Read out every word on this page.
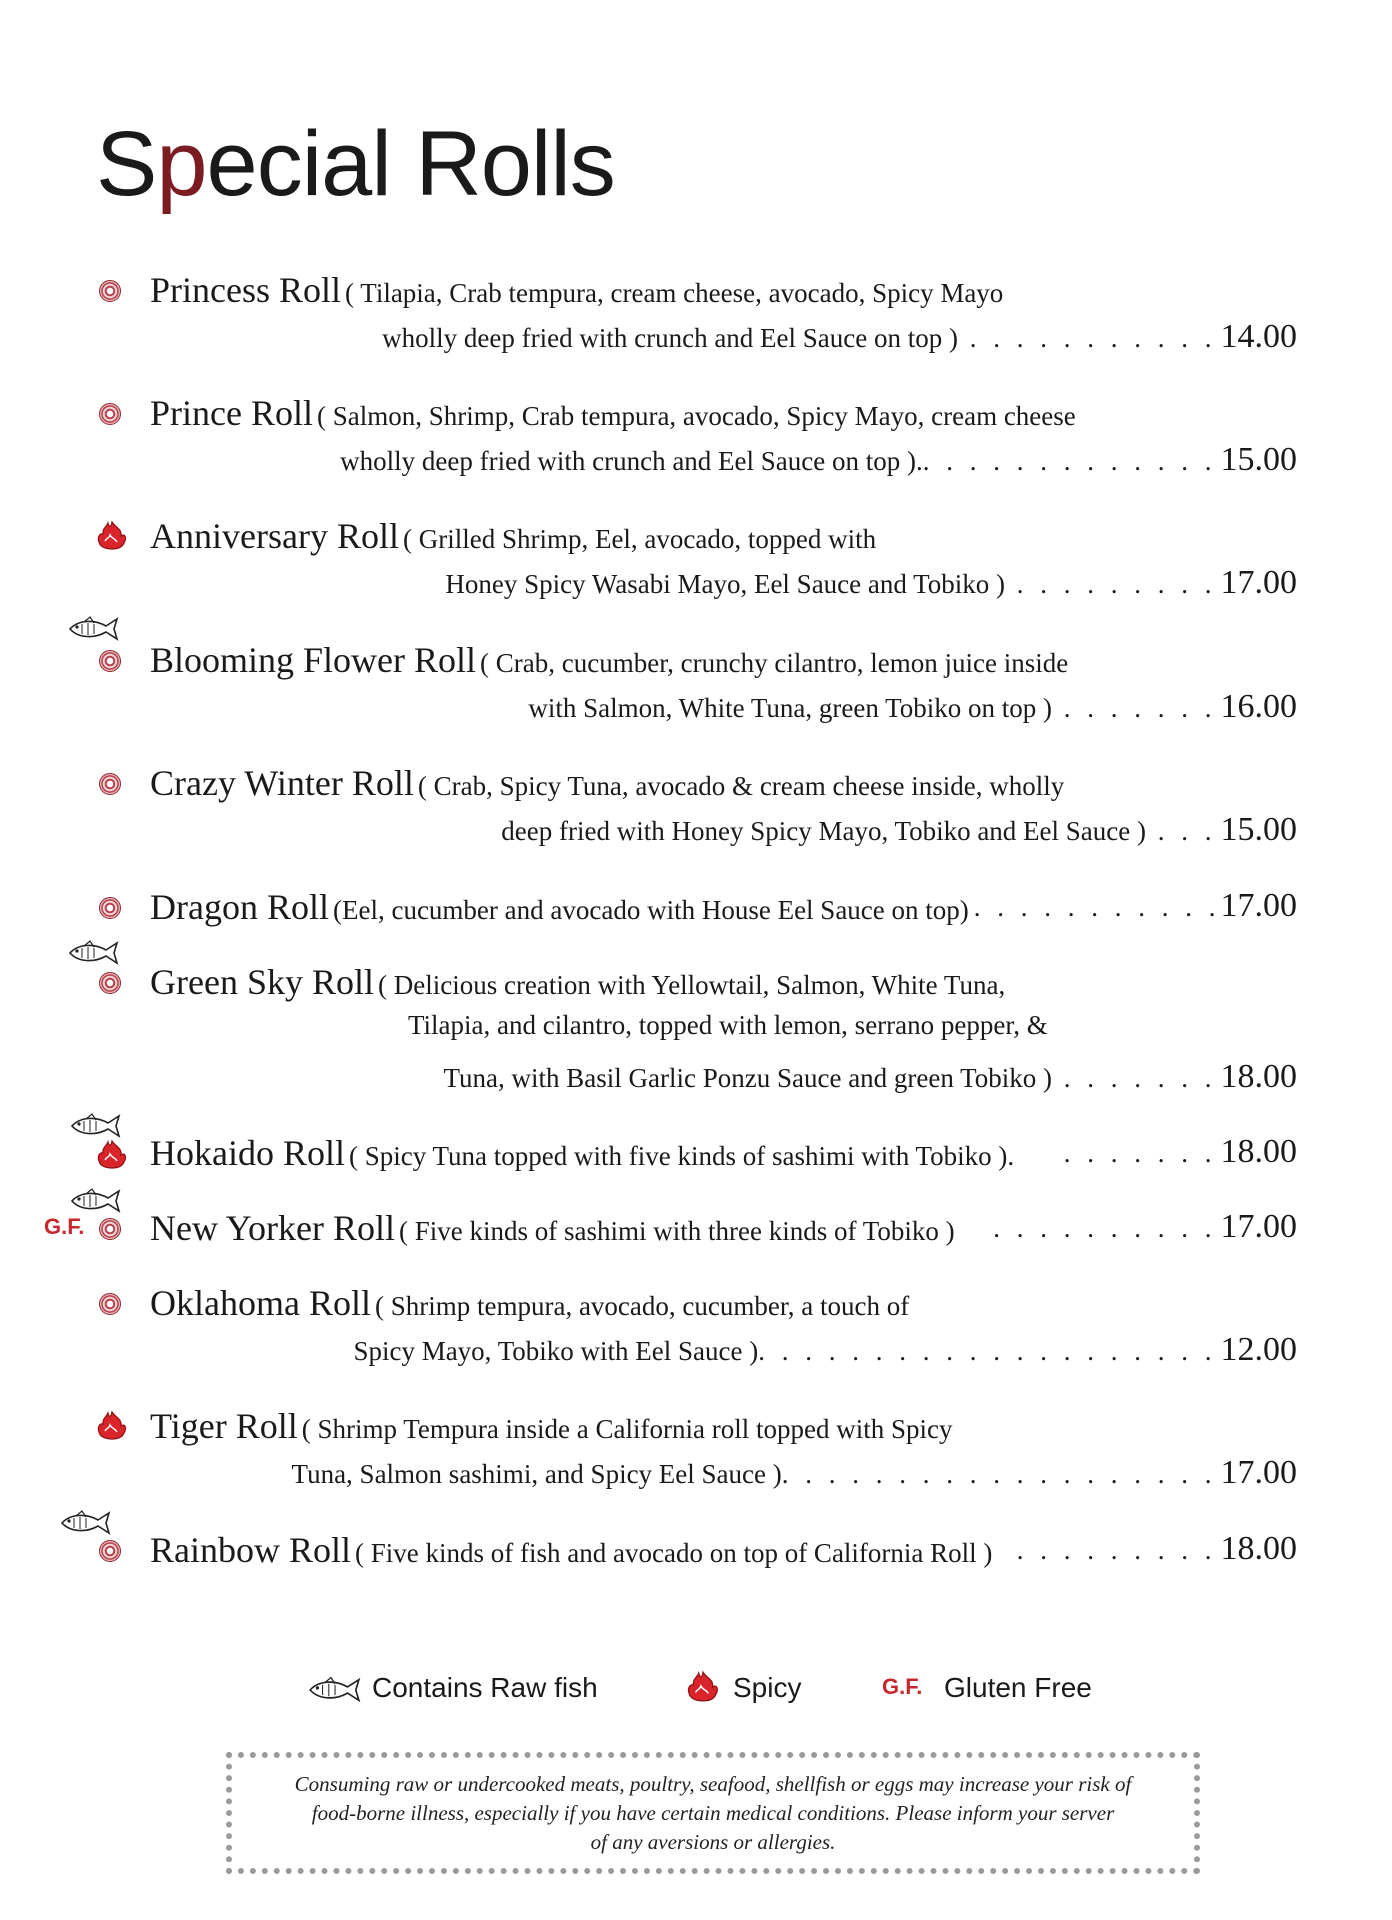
Special Rolls
Princess Roll ( Tilapia, Crab tempura, cream cheese, avocado, Spicy Mayo
wholly deep fried with crunch and Eel Sauce on top ) . . . . . . . . . . . 14.00
Prince Roll ( Salmon, Shrimp, Crab tempura, avocado, Spicy Mayo, cream cheese
wholly deep fried with crunch and Eel Sauce on top ).. . . . . . . . . . . . . 15.00
Anniversary Roll ( Grilled Shrimp, Eel, avocado, topped with
Honey Spicy Wasabi Mayo, Eel Sauce and Tobiko ) . . . . . . . . . 17.00
Blooming Flower Roll ( Crab, cucumber, crunchy cilantro, lemon juice inside
with Salmon, White Tuna, green Tobiko on top ) . . . . . . . 16.00
Crazy Winter Roll ( Crab, Spicy Tuna, avocado & cream cheese inside, wholly
deep fried with Honey Spicy Mayo, Tobiko and Eel Sauce ) . . . 15.00
Dragon Roll (Eel, cucumber and avocado with House Eel Sauce on top) . . . . . . . . . . .17.00
Green Sky Roll ( Delicious creation with Yellowtail, Salmon, White Tuna,
Tilapia, and cilantro, topped with lemon, serrano pepper, &
Tuna, with Basil Garlic Ponzu Sauce and green Tobiko ) . . . . . . . 18.00
Hokaido Roll ( Spicy Tuna topped with five kinds of sashimi with Tobiko ). . . . . . . . 18.00
G.F. New Yorker Roll ( Five kinds of sashimi with three kinds of Tobiko ) . . . . . . . . . . 17.00
Oklahoma Roll ( Shrimp tempura, avocado, cucumber, a touch of
Spicy Mayo, Tobiko with Eel Sauce ). . . . . . . . . . . . . . . . . . . . 12.00
Tiger Roll ( Shrimp Tempura inside a California roll topped with Spicy
Tuna, Salmon sashimi, and Spicy Eel Sauce ). . . . . . . . . . . . . . . . . . . 17.00
Rainbow Roll ( Five kinds of fish and avocado on top of California Roll ) . . . . . . . . . 18.00
Contains Raw fish	Spicy	G.F. Gluten Free

Consuming raw or undercooked meats, poultry, seafood, shellfish or eggs may increase your risk of

food-borne illness, especially if you have certain medical conditions. Please inform your server

of any aversions or allergies.
